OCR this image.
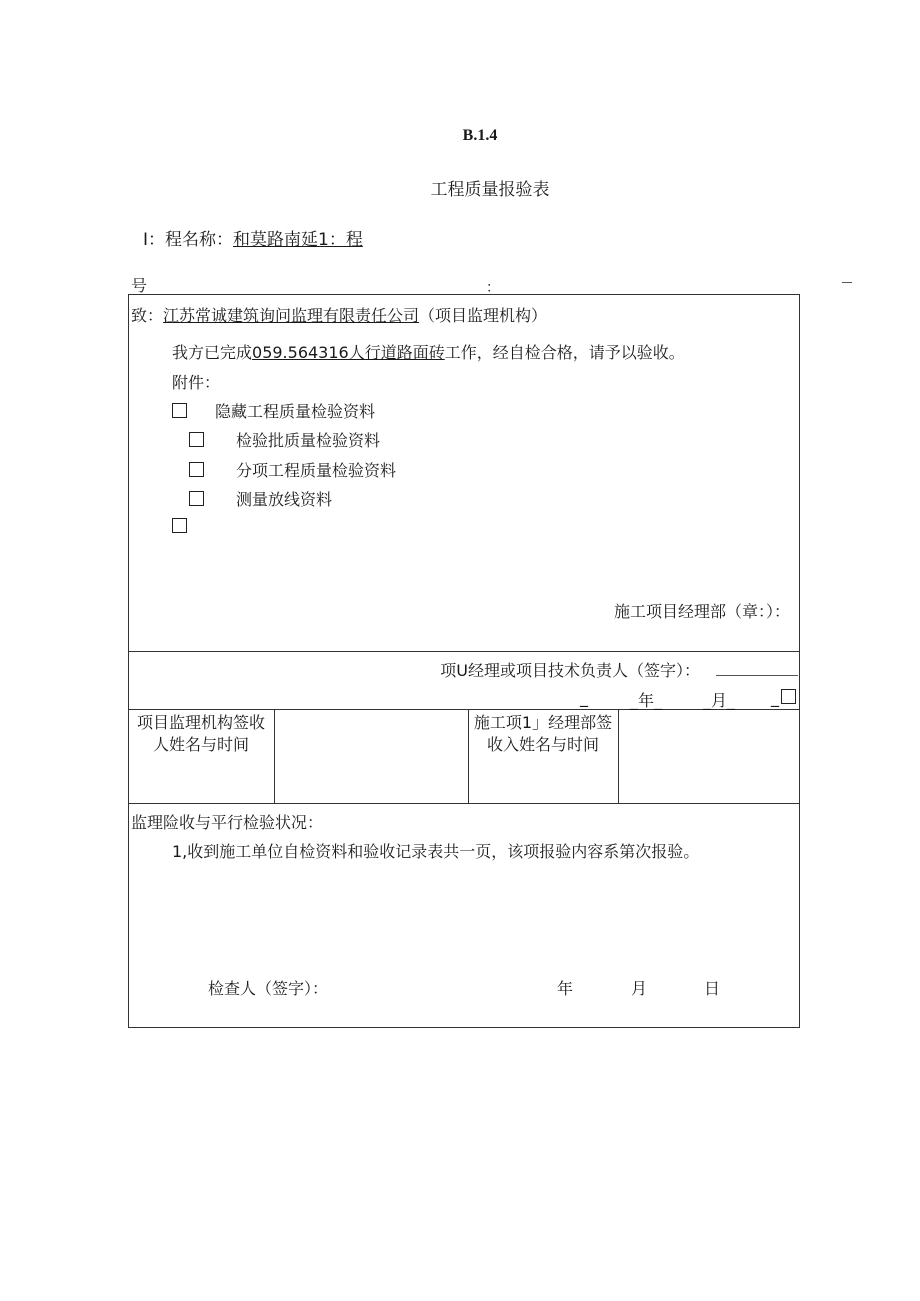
B.1.4
工程质量报验表
I：程名称：和莫路南延1：程
号	：
致：江苏常诚建筑询问监理有限责任公司（项目监理机构）
我方已完成059.564316人行道路面砖工作，经自检合格，请予以验收。
附件：
隐藏工程质量检验资料
检验批质量检验资料
分项工程质量检验资料
测量放线资料
施工项目经理部（章：）：
项U经理或项目技术负责人（签字）：
_	_年_	_月_ _
项目监理机构签收人姓名与时间
施工项1」经理部签收入姓名与时间
监理险收与平行检验状况：
1,收到施工单位自检资料和验收记录表共一页，该项报验内容系第次报验。
检查人（签字）：	年	月	日
